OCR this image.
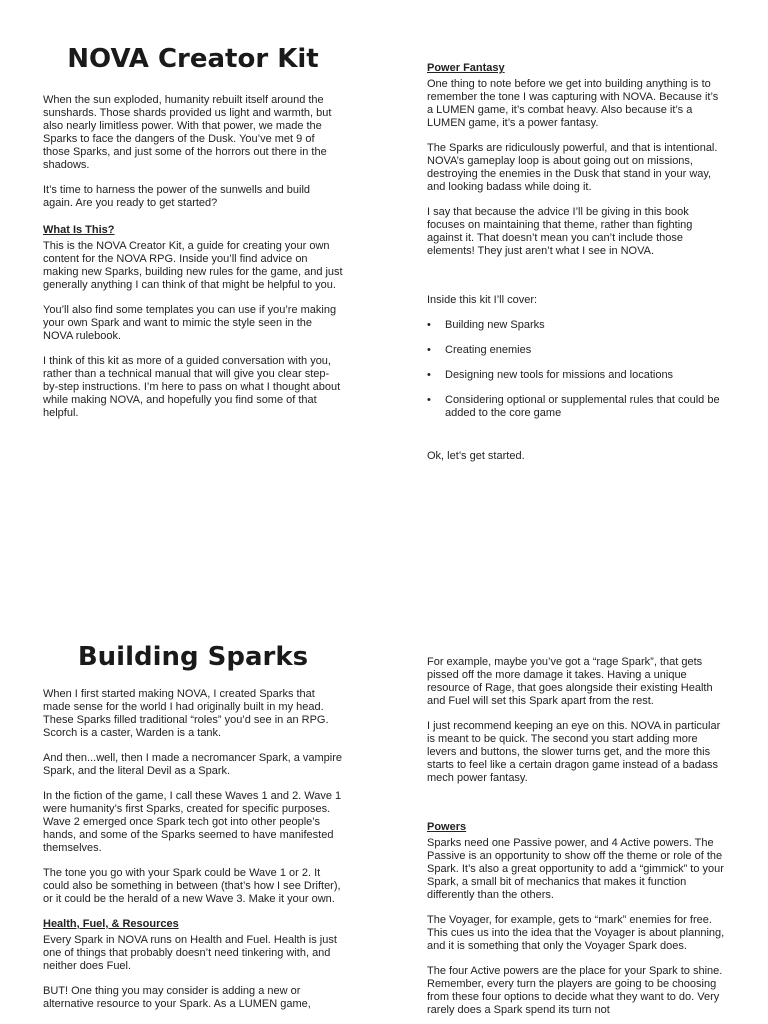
NOVA Creator Kit

When the sun exploded, humanity rebuilt itself around the sunshards. Those shards provided us light and warmth, but also nearly limitless power. With that power, we made the Sparks to face the dangers of the Dusk. You’ve met 9 of those Sparks, and just some of the horrors out there in the shadows.

It’s time to harness the power of the sunwells and build again. Are you ready to get started?

What Is This?

This is the NOVA Creator Kit, a guide for creating your own content for the NOVA RPG. Inside you’ll find advice on making new Sparks, building new rules for the game, and just generally anything I can think of that might be helpful to you.

You’ll also find some templates you can use if you’re making your own Spark and want to mimic the style seen in the NOVA rulebook.

I think of this kit as more of a guided conversation with you, rather than a technical manual that will give you clear step-by-step instructions. I’m here to pass on what I thought about while making NOVA, and hopefully you find some of that helpful.

Power Fantasy

One thing to note before we get into building anything is to remember the tone I was capturing with NOVA. Because it’s a LUMEN game, it’s combat heavy. Also because it’s a LUMEN game, it’s a power fantasy.

The Sparks are ridiculously powerful, and that is intentional. NOVA’s gameplay loop is about going out on missions, destroying the enemies in the Dusk that stand in your way, and looking badass while doing it.

I say that because the advice I’ll be giving in this book focuses on maintaining that theme, rather than fighting against it. That doesn’t mean you can’t include those elements! They just aren’t what I see in NOVA.

Inside this kit I’ll cover:

• Building new Sparks
• Creating enemies
• Designing new tools for missions and locations
• Considering optional or supplemental rules that could be added to the core game

Ok, let’s get started.

Building Sparks

When I first started making NOVA, I created Sparks that made sense for the world I had originally built in my head. These Sparks filled traditional “roles” you’d see in an RPG. Scorch is a caster, Warden is a tank.

And then...well, then I made a necromancer Spark, a vampire Spark, and the literal Devil as a Spark.

In the fiction of the game, I call these Waves 1 and 2. Wave 1 were humanity’s first Sparks, created for specific purposes. Wave 2 emerged once Spark tech got into other people’s hands, and some of the Sparks seemed to have manifested themselves.

The tone you go with your Spark could be Wave 1 or 2. It could also be something in between (that’s how I see Drifter), or it could be the herald of a new Wave 3. Make it your own.

Health, Fuel, & Resources

Every Spark in NOVA runs on Health and Fuel. Health is just one of things that probably doesn’t need tinkering with, and neither does Fuel.

BUT! One thing you may consider is adding a new or alternative resource to your Spark. As a LUMEN game,

For example, maybe you’ve got a “rage Spark”, that gets pissed off the more damage it takes. Having a unique resource of Rage, that goes alongside their existing Health and Fuel will set this Spark apart from the rest.

I just recommend keeping an eye on this. NOVA in particular is meant to be quick. The second you start adding more levers and buttons, the slower turns get, and the more this starts to feel like a certain dragon game instead of a badass mech power fantasy.

Powers

Sparks need one Passive power, and 4 Active powers. The Passive is an opportunity to show off the theme or role of the Spark. It’s also a great opportunity to add a “gimmick” to your Spark, a small bit of mechanics that makes it function differently than the others.

The Voyager, for example, gets to “mark” enemies for free. This cues us into the idea that the Voyager is about planning, and it is something that only the Voyager Spark does.

The four Active powers are the place for your Spark to shine. Remember, every turn the players are going to be choosing from these four options to decide what they want to do. Very rarely does a Spark spend its turn not
